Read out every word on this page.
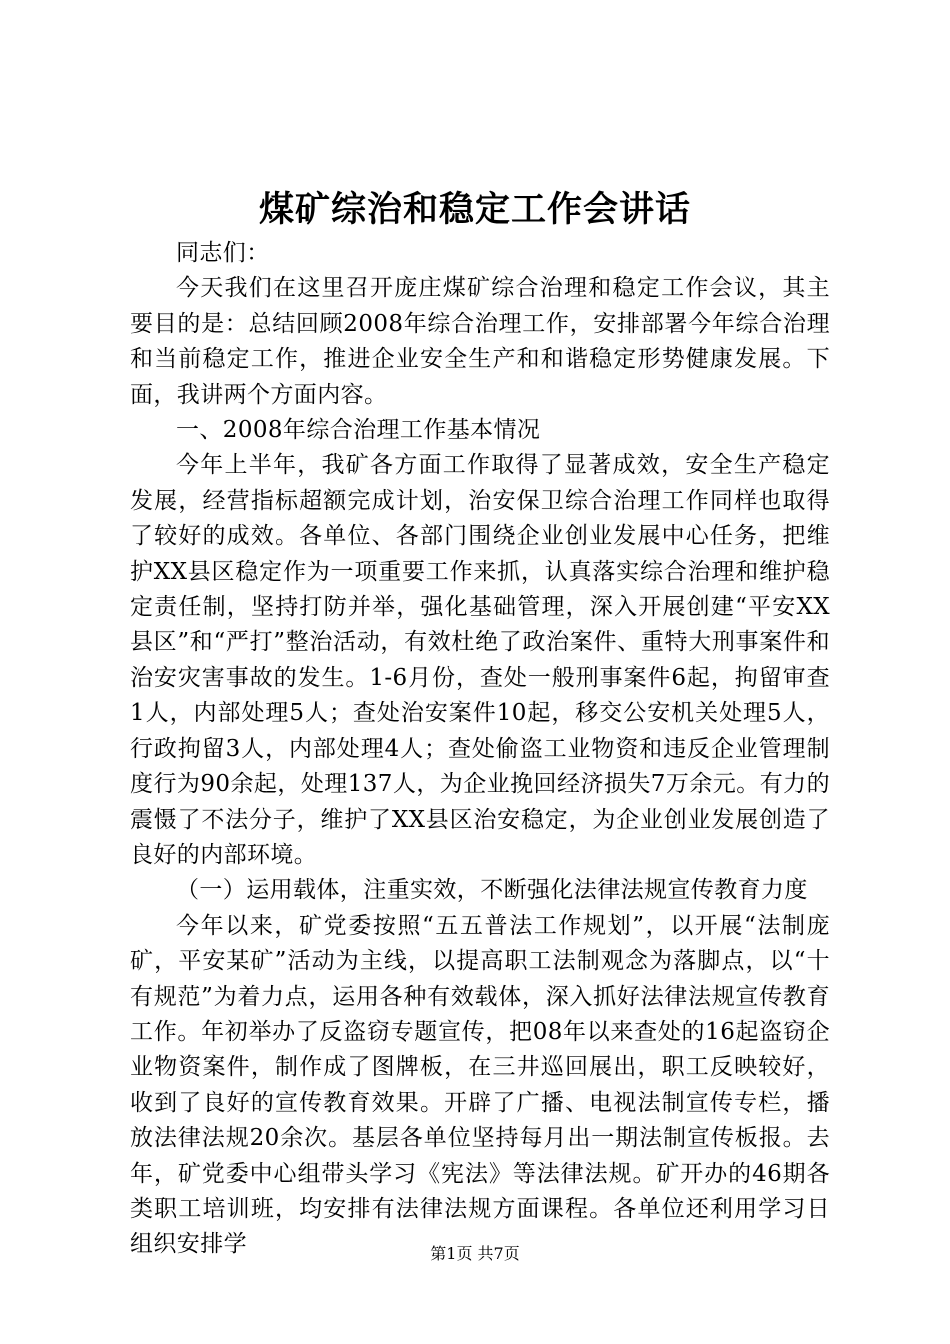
煤矿综治和稳定工作会讲话

同志们：

今天我们在这里召开庞庄煤矿综合治理和稳定工作会议，其主要目的是：总结回顾2008年综合治理工作，安排部署今年综合治理和当前稳定工作，推进企业安全生产和和谐稳定形势健康发展。下面，我讲两个方面内容。

一、2008年综合治理工作基本情况

今年上半年，我矿各方面工作取得了显著成效，安全生产稳定发展，经营指标超额完成计划，治安保卫综合治理工作同样也取得了较好的成效。各单位、各部门围绕企业创业发展中心任务，把维护XX县区稳定作为一项重要工作来抓，认真落实综合治理和维护稳定责任制，坚持打防并举，强化基础管理，深入开展创建“平安XX县区”和“严打”整治活动，有效杜绝了政治案件、重特大刑事案件和治安灾害事故的发生。1-6月份，查处一般刑事案件6起，拘留审查1人，内部处理5人；查处治安案件10起，移交公安机关处理5人，行政拘留3人，内部处理4人；查处偷盗工业物资和违反企业管理制度行为90余起，处理137人，为企业挽回经济损失7万余元。有力的震慑了不法分子，维护了XX县区治安稳定，为企业创业发展创造了良好的内部环境。

（一）运用载体，注重实效，不断强化法律法规宣传教育力度

今年以来，矿党委按照“五五普法工作规划”，以开展“法制庞矿，平安某矿”活动为主线，以提高职工法制观念为落脚点，以“十有规范”为着力点，运用各种有效载体，深入抓好法律法规宣传教育工作。年初举办了反盗窃专题宣传，把08年以来查处的16起盗窃企业物资案件，制作成了图牌板，在三井巡回展出，职工反映较好，收到了良好的宣传教育效果。开辟了广播、电视法制宣传专栏，播放法律法规20余次。基层各单位坚持每月出一期法制宣传板报。去年，矿党委中心组带头学习《宪法》等法律法规。矿开办的46期各类职工培训班，均安排有法律法规方面课程。各单位还利用学习日组织安排学	第1页 共7页
